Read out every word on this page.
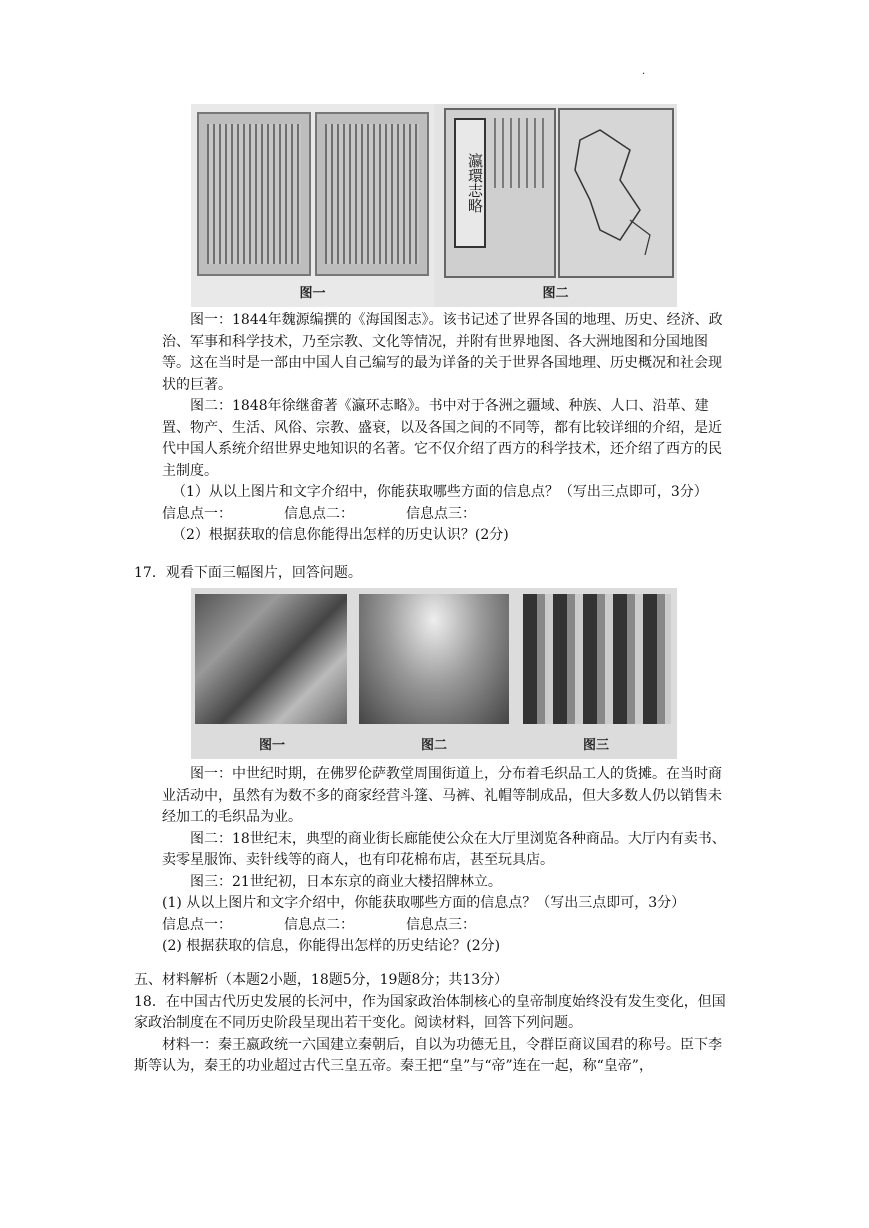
.
图一
瀛環志略
图二

图一：1844年魏源编撰的《海国图志》。该书记述了世界各国的地理、历史、经济、政治、军事和科学技术，乃至宗教、文化等情况，并附有世界地图、各大洲地图和分国地图等。这在当时是一部由中国人自己编写的最为详备的关于世界各国地理、历史概况和社会现状的巨著。

图二：1848年徐继畬著《瀛环志略》。书中对于各洲之疆域、种族、人口、沿革、建置、物产、生活、风俗、宗教、盛衰，以及各国之间的不同等，都有比较详细的介绍，是近代中国人系统介绍世界史地知识的名著。它不仅介绍了西方的科学技术，还介绍了西方的民主制度。

（1）从以上图片和文字介绍中，你能获取哪些方面的信息点？（写出三点即可，3分）

信息点一：	信息点二：	信息点三：

（2）根据获取的信息你能得出怎样的历史认识？(2分)

17．观看下面三幅图片，回答问题。

图一	图二	图三

图一：中世纪时期，在佛罗伦萨教堂周围街道上，分布着毛织品工人的货摊。在当时商业活动中，虽然有为数不多的商家经营斗篷、马裤、礼帽等制成品，但大多数人仍以销售未经加工的毛织品为业。

图二：18世纪末，典型的商业街长廊能使公众在大厅里浏览各种商品。大厅内有卖书、卖零星服饰、卖针线等的商人，也有印花棉布店，甚至玩具店。

图三：21世纪初，日本东京的商业大楼招牌林立。

(1) 从以上图片和文字介绍中，你能获取哪些方面的信息点？（写出三点即可，3分）

信息点一：	信息点二：	信息点三：

(2) 根据获取的信息，你能得出怎样的历史结论？(2分)

五、材料解析（本题2小题，18题5分，19题8分；共13分）

18．在中国古代历史发展的长河中，作为国家政治体制核心的皇帝制度始终没有发生变化，但国家政治制度在不同历史阶段呈现出若干变化。阅读材料，回答下列问题。

材料一：秦王嬴政统一六国建立秦朝后，自以为功德无且，令群臣商议国君的称号。臣下李斯等认为，秦王的功业超过古代三皇五帝。秦王把“皇”与“帝”连在一起，称“皇帝”，
